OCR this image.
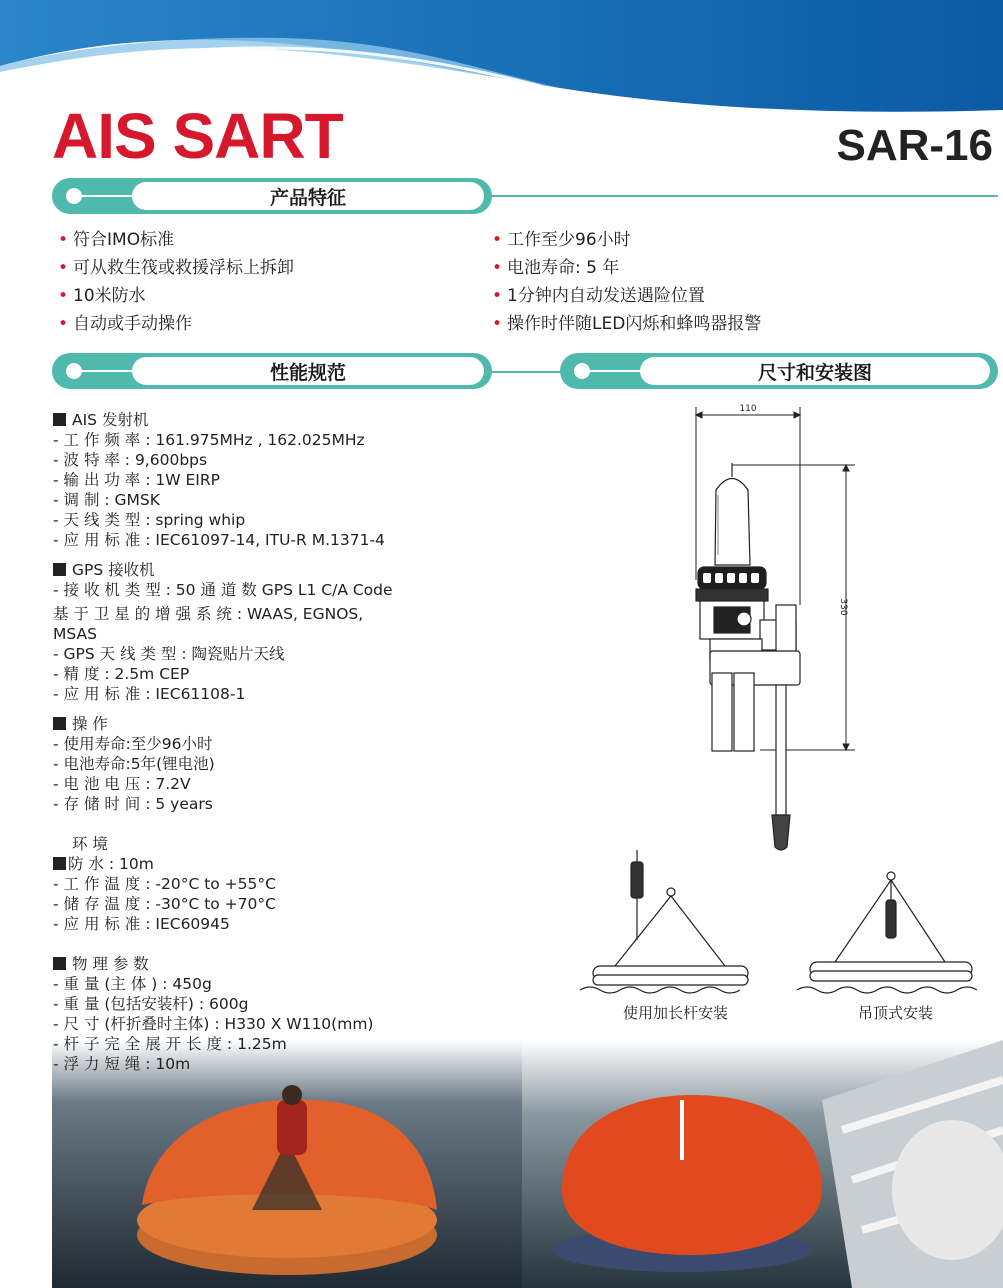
AIS SART	SAR-16
产品特征
性能规范	尺寸和安装图
• 符合IMO标准
• 可从救生筏或救援浮标上拆卸
• 10米防水
• 自动或手动操作
• 工作至少96小时
• 电池寿命: 5 年
• 1分钟内自动发送遇险位置
• 操作时伴随LED闪烁和蜂鸣器报警
AIS 发射机
- 工 作 频 率 : 161.975MHz , 162.025MHz
- 波 特 率 : 9,600bps
- 输 出 功 率 : 1W EIRP
- 调 制 : GMSK
- 天 线 类 型 : spring whip
- 应 用 标 准 : IEC61097-14, ITU-R M.1371-4
GPS 接收机
- 接 收 机 类 型 : 50 通 道 数 GPS L1 C/A Code
基 于 卫 星 的 增 强 系 统 : WAAS, EGNOS,
MSAS
- GPS 天 线 类 型 : 陶瓷贴片天线
- 精 度 : 2.5m CEP
- 应 用 标 准 : IEC61108-1
操 作
- 使用寿命:至少96小时
- 电池寿命:5年(锂电池)
- 电 池 电 压 : 7.2V
- 存 储 时 间 : 5 years
环 境
防 水 : 10m
- 工 作 温 度 : -20°C to +55°C
- 储 存 温 度 : -30°C to +70°C
- 应 用 标 准 : IEC60945
物 理 参 数
- 重 量 (主 体 ) : 450g
- 重 量 (包括安装杆) : 600g
- 尺 寸 (杆折叠时主体) : H330 X W110(mm)
- 杆 子 完 全 展 开 长 度 : 1.25m
- 浮 力 短 绳 : 10m
110
330
使用加长杆安装	吊顶式安装
